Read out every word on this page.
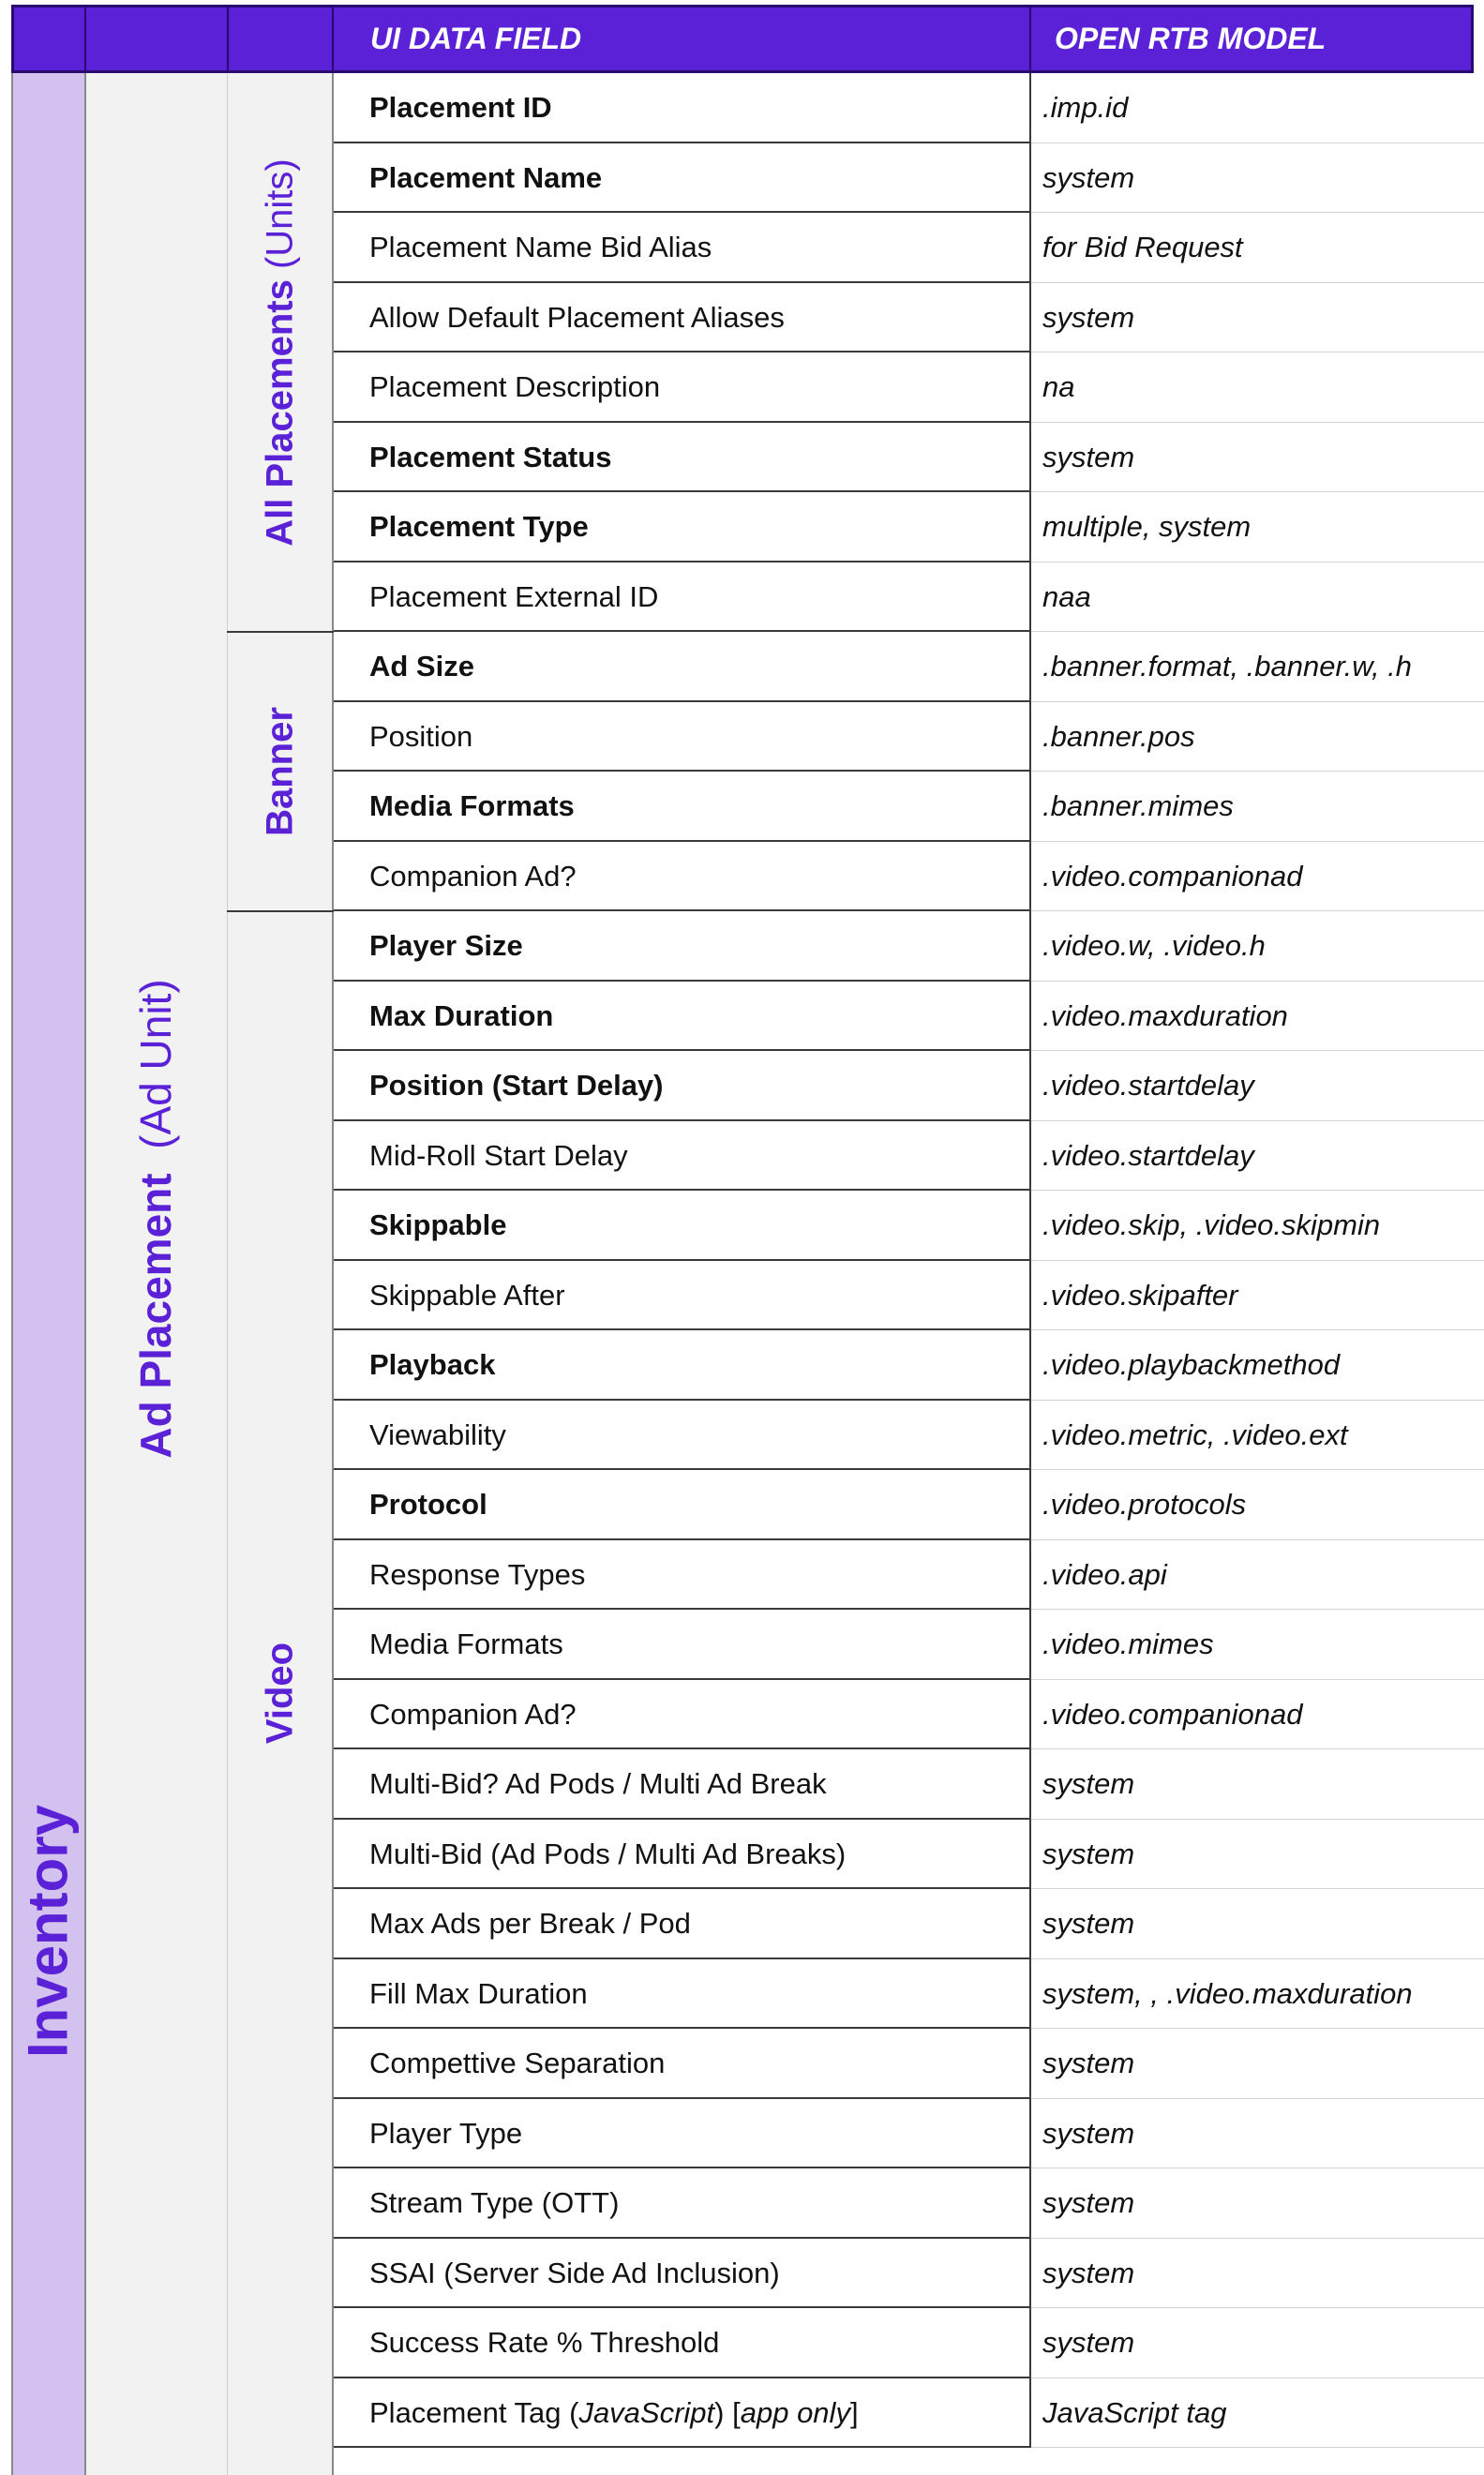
UI DATA FIELD	OPEN RTB MODEL
Inventory
Ad Placement  (Ad Unit)
All Placements (Units)
Banner
Video
Placement ID	.imp.id
Placement Name	system
Placement Name Bid Alias	for Bid Request
Allow Default Placement Aliases	system
Placement Description	na
Placement Status	system
Placement Type	multiple, system
Placement External ID	naa
Ad Size	.banner.format, .banner.w, .h
Position	.banner.pos
Media Formats	.banner.mimes
Companion Ad?	.video.companionad
Player Size	.video.w, .video.h
Max Duration	.video.maxduration
Position (Start Delay)	.video.startdelay
Mid-Roll Start Delay	.video.startdelay
Skippable	.video.skip, .video.skipmin
Skippable After	.video.skipafter
Playback	.video.playbackmethod
Viewability	.video.metric, .video.ext
Protocol	.video.protocols
Response Types	.video.api
Media Formats	.video.mimes
Companion Ad?	.video.companionad
Multi-Bid? Ad Pods / Multi Ad Break	system
Multi-Bid (Ad Pods / Multi Ad Breaks)	system
Max Ads per Break / Pod	system
Fill Max Duration	system, , .video.maxduration
Compettive Separation	system
Player Type	system
Stream Type (OTT)	system
SSAI (Server Side Ad Inclusion)	system
Success Rate % Threshold	system
Placement Tag (JavaScript) [app only]	JavaScript tag
